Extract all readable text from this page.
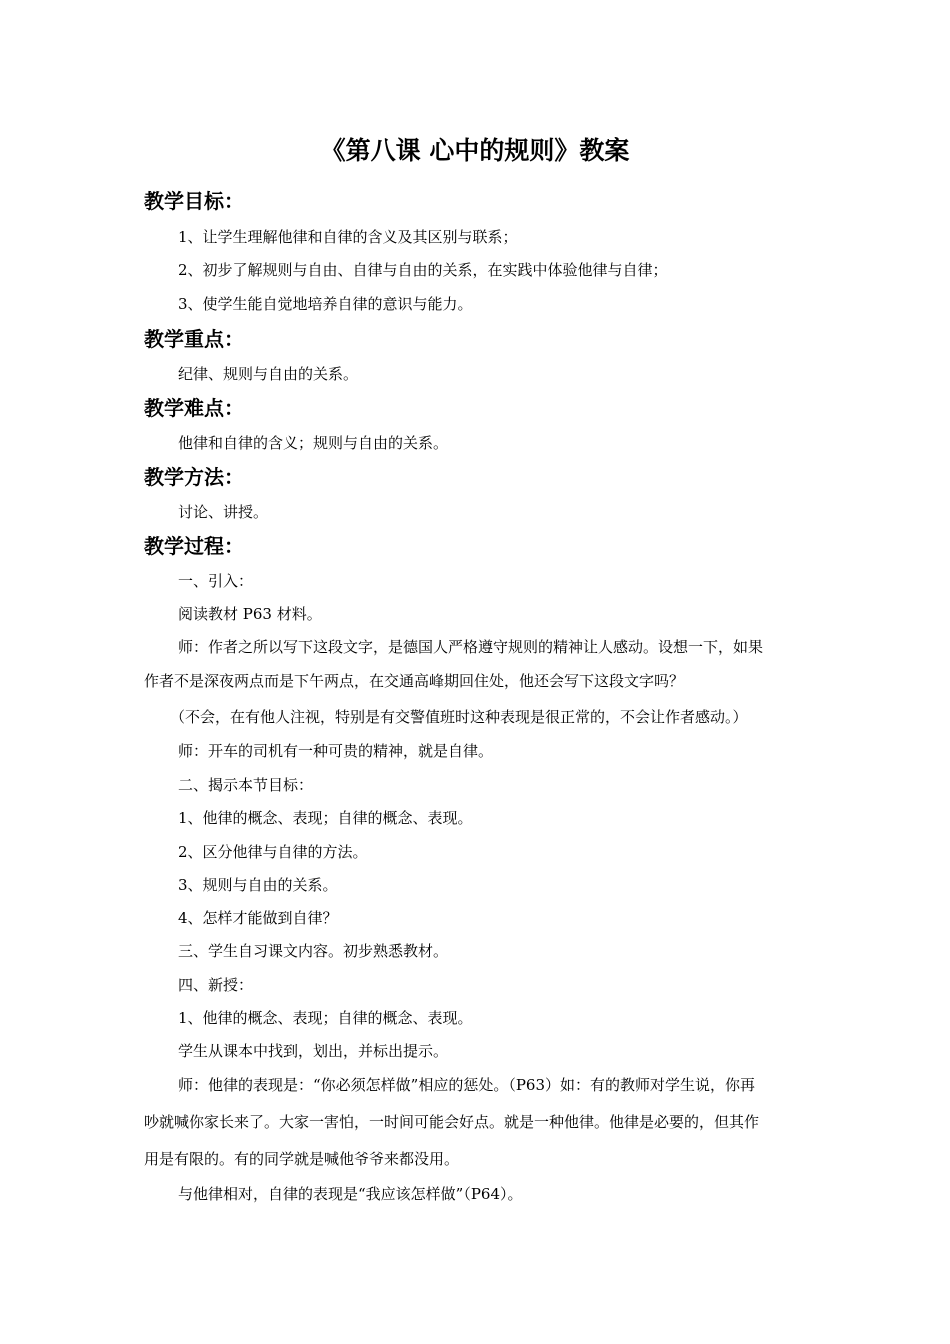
《第八课 心中的规则》教案
教学目标：
1、让学生理解他律和自律的含义及其区别与联系；
2、初步了解规则与自由、自律与自由的关系，在实践中体验他律与自律；
3、使学生能自觉地培养自律的意识与能力。
教学重点：
纪律、规则与自由的关系。
教学难点：
他律和自律的含义；规则与自由的关系。
教学方法：
讨论、讲授。
教学过程：
一、引入：
阅读教材 P63 材料。
师：作者之所以写下这段文字，是德国人严格遵守规则的精神让人感动。设想一下，如果
作者不是深夜两点而是下午两点，在交通高峰期回住处，他还会写下这段文字吗？
（不会，在有他人注视，特别是有交警值班时这种表现是很正常的，不会让作者感动。）
师：开车的司机有一种可贵的精神，就是自律。
二、揭示本节目标：
1、他律的概念、表现；自律的概念、表现。
2、区分他律与自律的方法。
3、规则与自由的关系。
4、怎样才能做到自律？
三、学生自习课文内容。初步熟悉教材。
四、新授：
1、他律的概念、表现；自律的概念、表现。
学生从课本中找到，划出，并标出提示。
师：他律的表现是：“你必须怎样做”相应的惩处。（P63）如：有的教师对学生说，你再
吵就喊你家长来了。大家一害怕，一时间可能会好点。就是一种他律。他律是必要的，但其作
用是有限的。有的同学就是喊他爷爷来都没用。
与他律相对，自律的表现是“我应该怎样做”（P64）。
